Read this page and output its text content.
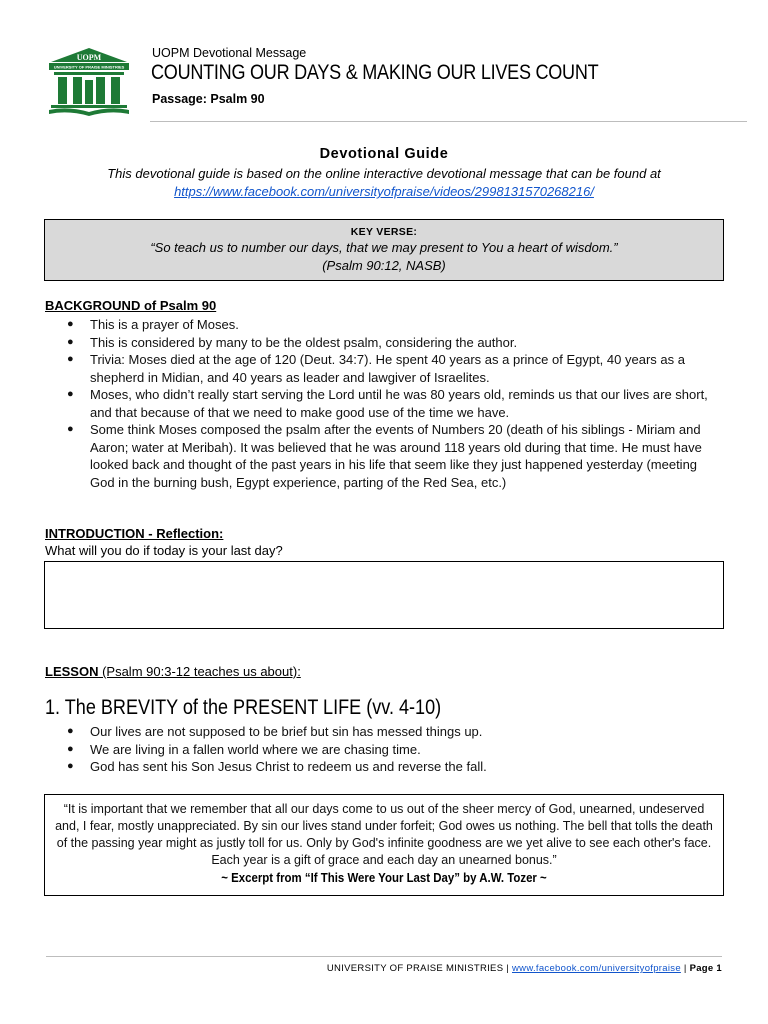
UOPM
UNIVERSITY OF PRAISE MINISTRIES
UOPM Devotional Message
COUNTING OUR DAYS & MAKING OUR LIVES COUNT
Passage: Psalm 90
Devotional Guide
This devotional guide is based on the online interactive devotional message that can be found at
https://www.facebook.com/universityofpraise/videos/2998131570268216/
KEY VERSE:
“So teach us to number our days, that we may present to You a heart of wisdom.”
(Psalm 90:12, NASB)
BACKGROUND of Psalm 90
● This is a prayer of Moses.
● This is considered by many to be the oldest psalm, considering the author.
● Trivia: Moses died at the age of 120 (Deut. 34:7). He spent 40 years as a prince of Egypt, 40 years as a shepherd in Midian, and 40 years as leader and lawgiver of Israelites.
● Moses, who didn’t really start serving the Lord until he was 80 years old, reminds us that our lives are short, and that because of that we need to make good use of the time we have.
● Some think Moses composed the psalm after the events of Numbers 20 (death of his siblings - Miriam and Aaron; water at Meribah). It was believed that he was around 118 years old during that time. He must have looked back and thought of the past years in his life that seem like they just happened yesterday (meeting God in the burning bush, Egypt experience, parting of the Red Sea, etc.)
INTRODUCTION - Reflection:
What will you do if today is your last day?
LESSON (Psalm 90:3-12 teaches us about):
1. The BREVITY of the PRESENT LIFE (vv. 4-10)
● Our lives are not supposed to be brief but sin has messed things up.
● We are living in a fallen world where we are chasing time.
● God has sent his Son Jesus Christ to redeem us and reverse the fall.
“It is important that we remember that all our days come to us out of the sheer mercy of God, unearned, undeserved and, I fear, mostly unappreciated. By sin our lives stand under forfeit; God owes us nothing. The bell that tolls the death of the passing year might as justly toll for us. Only by God's infinite goodness are we yet alive to see each other's face. Each year is a gift of grace and each day an unearned bonus.”
~ Excerpt from “If This Were Your Last Day” by A.W. Tozer ~
UNIVERSITY OF PRAISE MINISTRIES | www.facebook.com/universityofpraise | Page 1
